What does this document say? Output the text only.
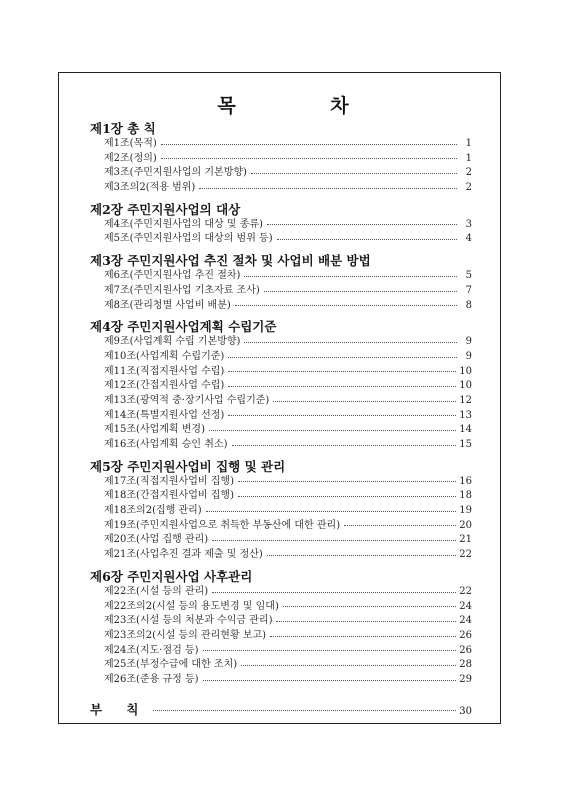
목 차
제1장 총 칙
제1조(목적)	1
제2조(정의)	1
제3조(주민지원사업의 기본방향)	2
제3조의2(적용 범위)	2
제2장 주민지원사업의 대상
제4조(주민지원사업의 대상 및 종류)	3
제5조(주민지원사업의 대상의 범위 등)	4
제3장 주민지원사업 추진 절차 및 사업비 배분 방법
제6조(주민지원사업 추진 절차)	5
제7조(주민지원사업 기초자료 조사)	7
제8조(관리청별 사업비 배분)	8
제4장 주민지원사업계획 수립기준
제9조(사업계획 수립 기본방향)	9
제10조(사업계획 수립기준)	9
제11조(직접지원사업 수립)	10
제12조(간접지원사업 수립)	10
제13조(광역적 중·장기사업 수립기준)	12
제14조(특별지원사업 선정)	13
제15조(사업계획 변경)	14
제16조(사업계획 승인 취소)	15
제5장 주민지원사업비 집행 및 관리
제17조(직접지원사업비 집행)	16
제18조(간접지원사업비 집행)	18
제18조의2(집행 관리)	19
제19조(주민지원사업으로 취득한 부동산에 대한 관리)	20
제20조(사업 집행 관리)	21
제21조(사업추진 결과 제출 및 정산)	22
제6장 주민지원사업 사후관리
제22조(시설 등의 관리)	22
제22조의2(시설 등의 용도변경 및 임대)	24
제23조(시설 등의 처분과 수익금 관리)	24
제23조의2(시설 등의 관리현황 보고)	26
제24조(지도·점검 등)	26
제25조(부정수급에 대한 조치)	28
제26조(준용 규정 등)	29
부 칙	30
